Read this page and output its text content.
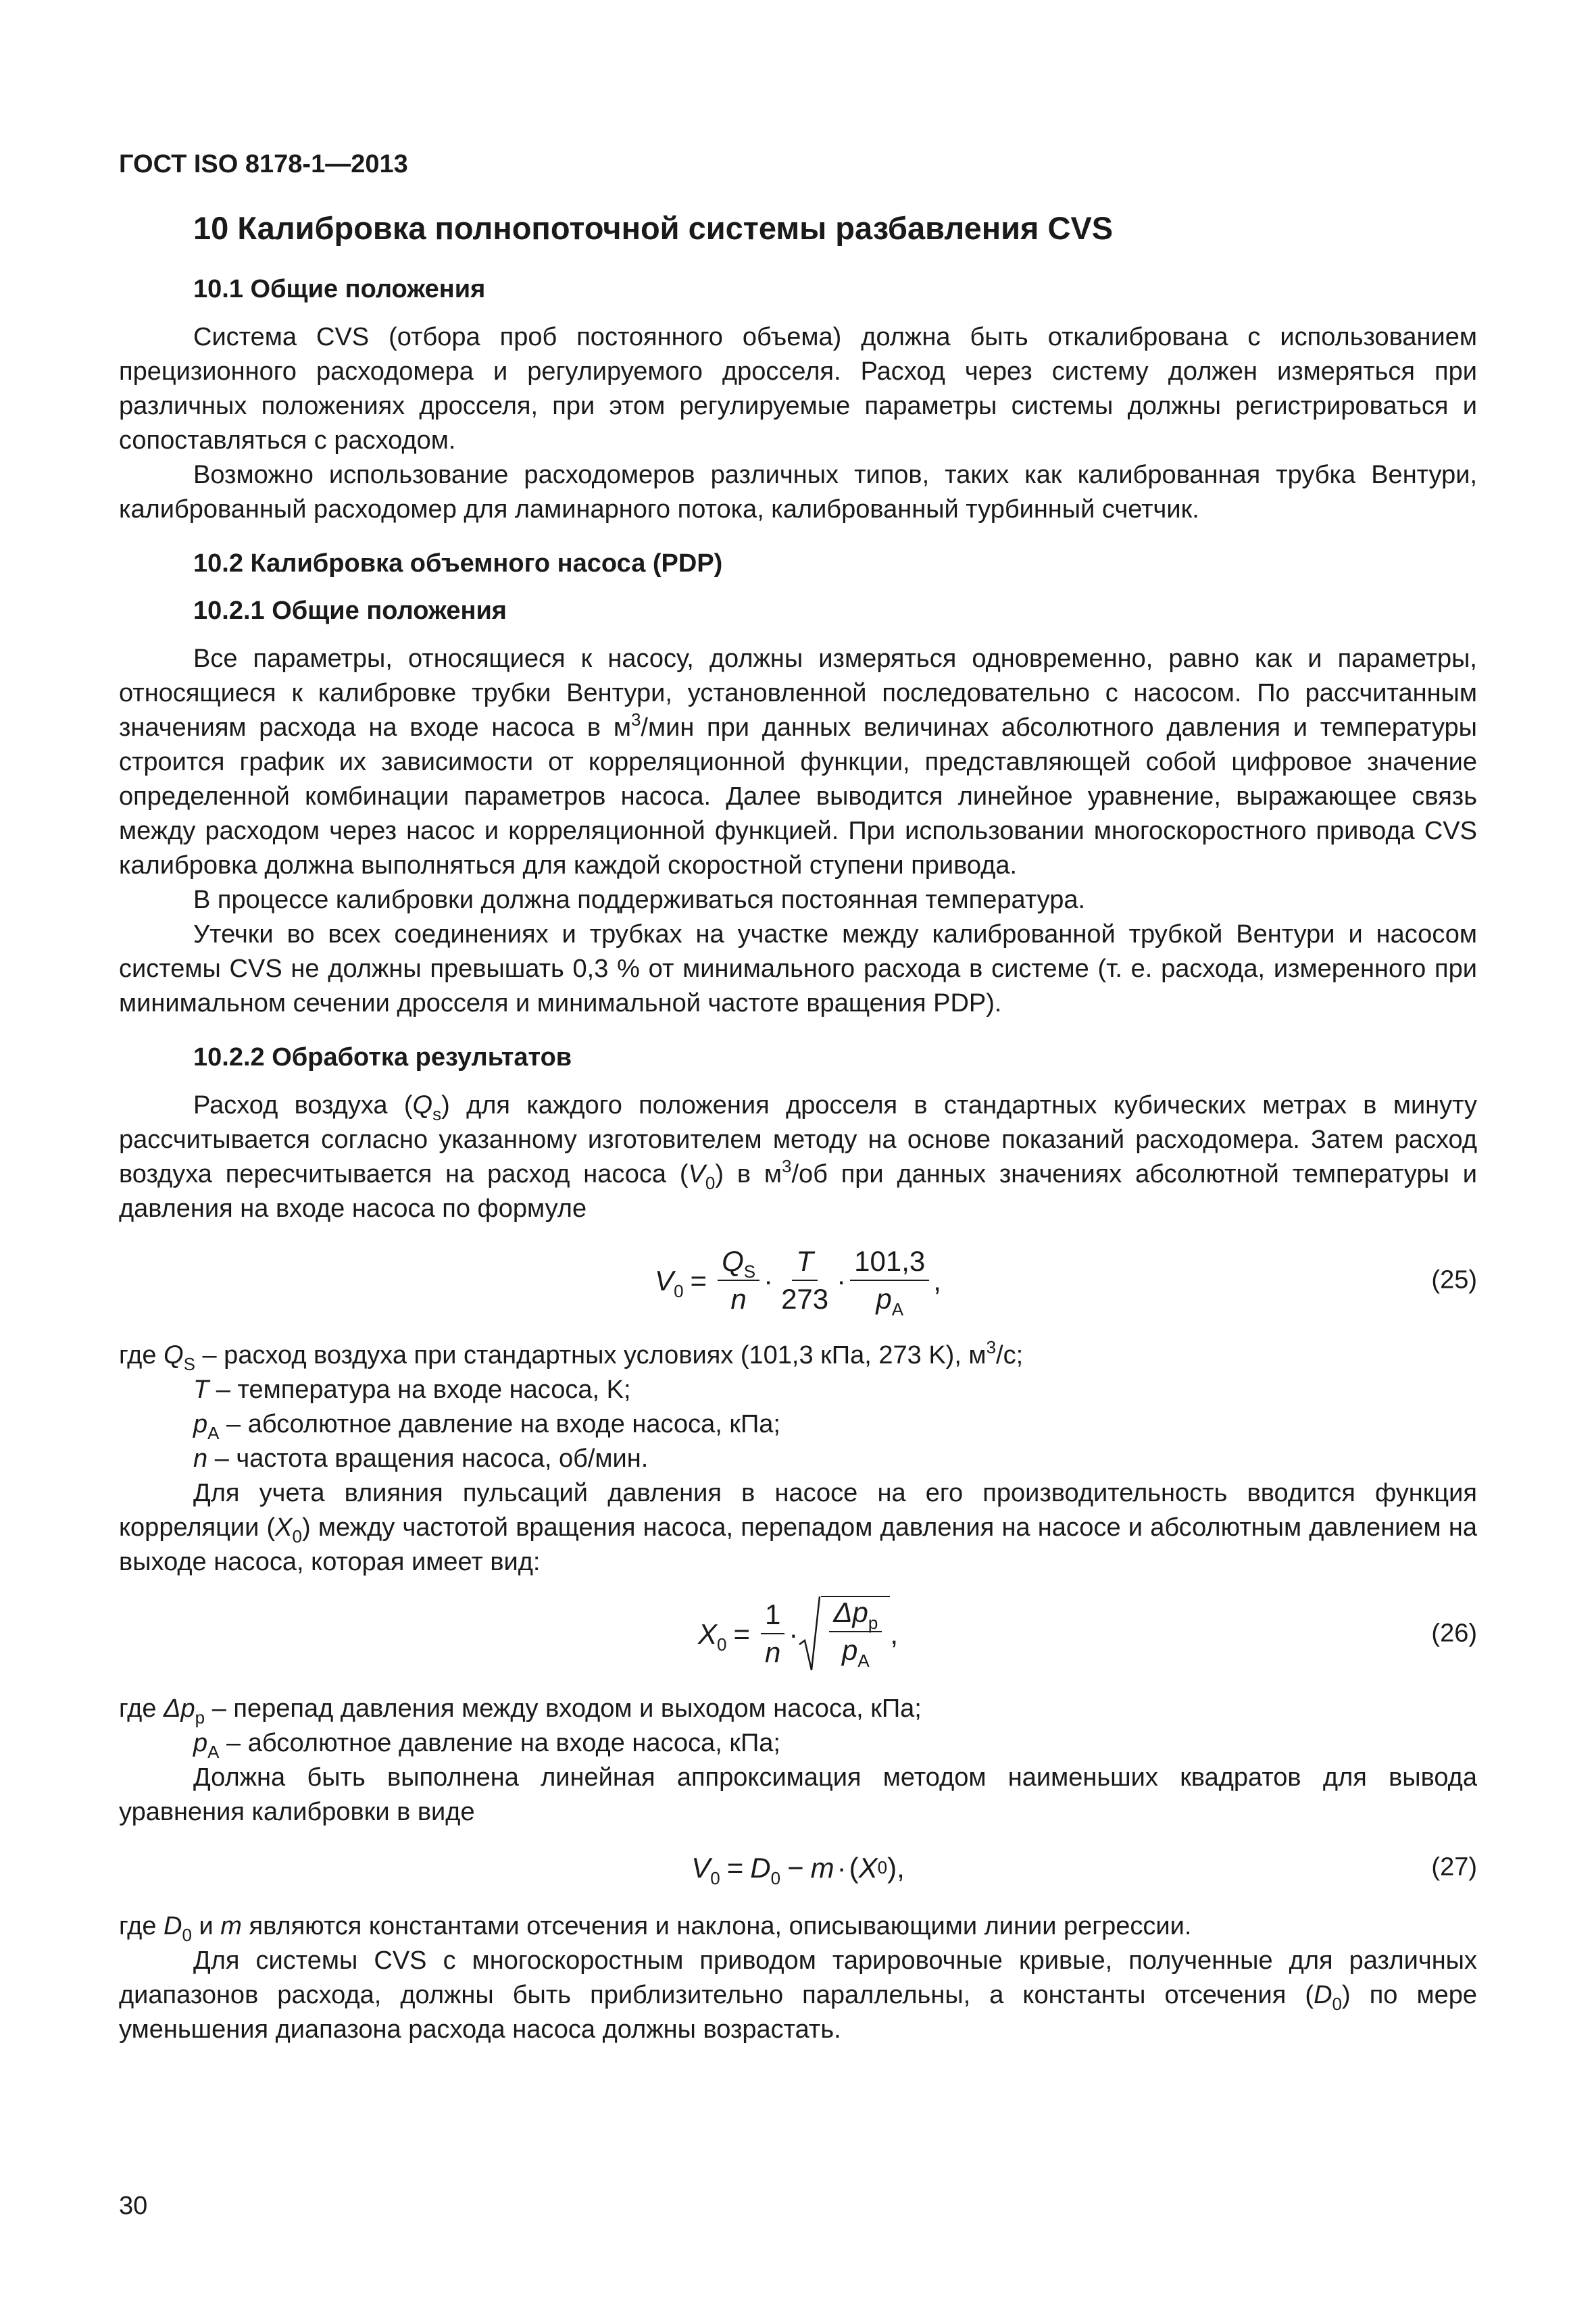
ГОСТ ISO 8178-1—2013
10 Калибровка полнопоточной системы разбавления CVS
10.1 Общие положения

Система CVS (отбора проб постоянного объема) должна быть откалибрована с использованием прецизионного расходомера и регулируемого дросселя. Расход через систему должен измеряться при различных положениях дросселя, при этом регулируемые параметры системы должны регистрироваться и сопоставляться с расходом.

Возможно использование расходомеров различных типов, таких как калиброванная трубка Вентури, калиброванный расходомер для ламинарного потока, калиброванный турбинный счетчик.

10.2 Калибровка объемного насоса (PDP)
10.2.1 Общие положения

Все параметры, относящиеся к насосу, должны измеряться одновременно, равно как и параметры, относящиеся к калибровке трубки Вентури, установленной последовательно с насосом. По рассчитанным значениям расхода на входе насоса в $м^3$/мин при данных величинах абсолютного давления и температуры строится график их зависимости от корреляционной функции, представляющей собой цифровое значение определенной комбинации параметров насоса. Далее выводится линейное уравнение, выражающее связь между расходом через насос и корреляционной функцией. При использовании многоскоростного привода CVS калибровка должна выполняться для каждой скоростной ступени привода.

В процессе калибровки должна поддерживаться постоянная температура.

Утечки во всех соединениях и трубках на участке между калиброванной трубкой Вентури и насосом системы CVS не должны превышать 0,3 % от минимального расхода в системе (т. е. расхода, измеренного при минимальном сечении дросселя и минимальной частоте вращения PDP).

10.2.2 Обработка результатов

Расход воздуха $(Q_s)$ для каждого положения дросселя в стандартных кубических метрах в минуту рассчитывается согласно указанному изготовителем методу на основе показаний расходомера. Затем расход воздуха пересчитывается на расход насоса $(V_0)$ в $м^3/об$ при данных значениях абсолютной температуры и давления на входе насоса по формуле

$V_0 = \frac{Q_S}{n} \cdot \frac{T}{273} \cdot \frac{101,3}{p_A}$ ,	(25)

где $Q_S$ – расход воздуха при стандартных условиях (101,3 кПа, 273 K), $м^3/с$;

T – температура на входе насоса, K;

$p_A$ – абсолютное давление на входе насоса, кПа;

n – частота вращения насоса, об/мин.

Для учета влияния пульсаций давления в насосе на его производительность вводится функция корреляции $(X_0)$ между частотой вращения насоса, перепадом давления на насосе и абсолютным давлением на выходе насоса, которая имеет вид:

$X_0 = \frac{1}{n} \cdot \frac{\Delta p_p}{p_A}$ ,	(26)

где $\Delta p_p$ – перепад давления между входом и выходом насоса, кПа;

$p_A$ – абсолютное давление на входе насоса, кПа;

Должна быть выполнена линейная аппроксимация методом наименьших квадратов для вывода уравнения калибровки в виде

$V_0 = D_0 - m$ · ( X 0 ) ,	(27)

где $D_0$ и m являются константами отсечения и наклона, описывающими линии регрессии.

Для системы CVS с многоскоростным приводом тарировочные кривые, полученные для различных диапазонов расхода, должны быть приблизительно параллельны, а константы отсечения $(D_0)$ по мере уменьшения диапазона расхода насоса должны возрастать.

30
